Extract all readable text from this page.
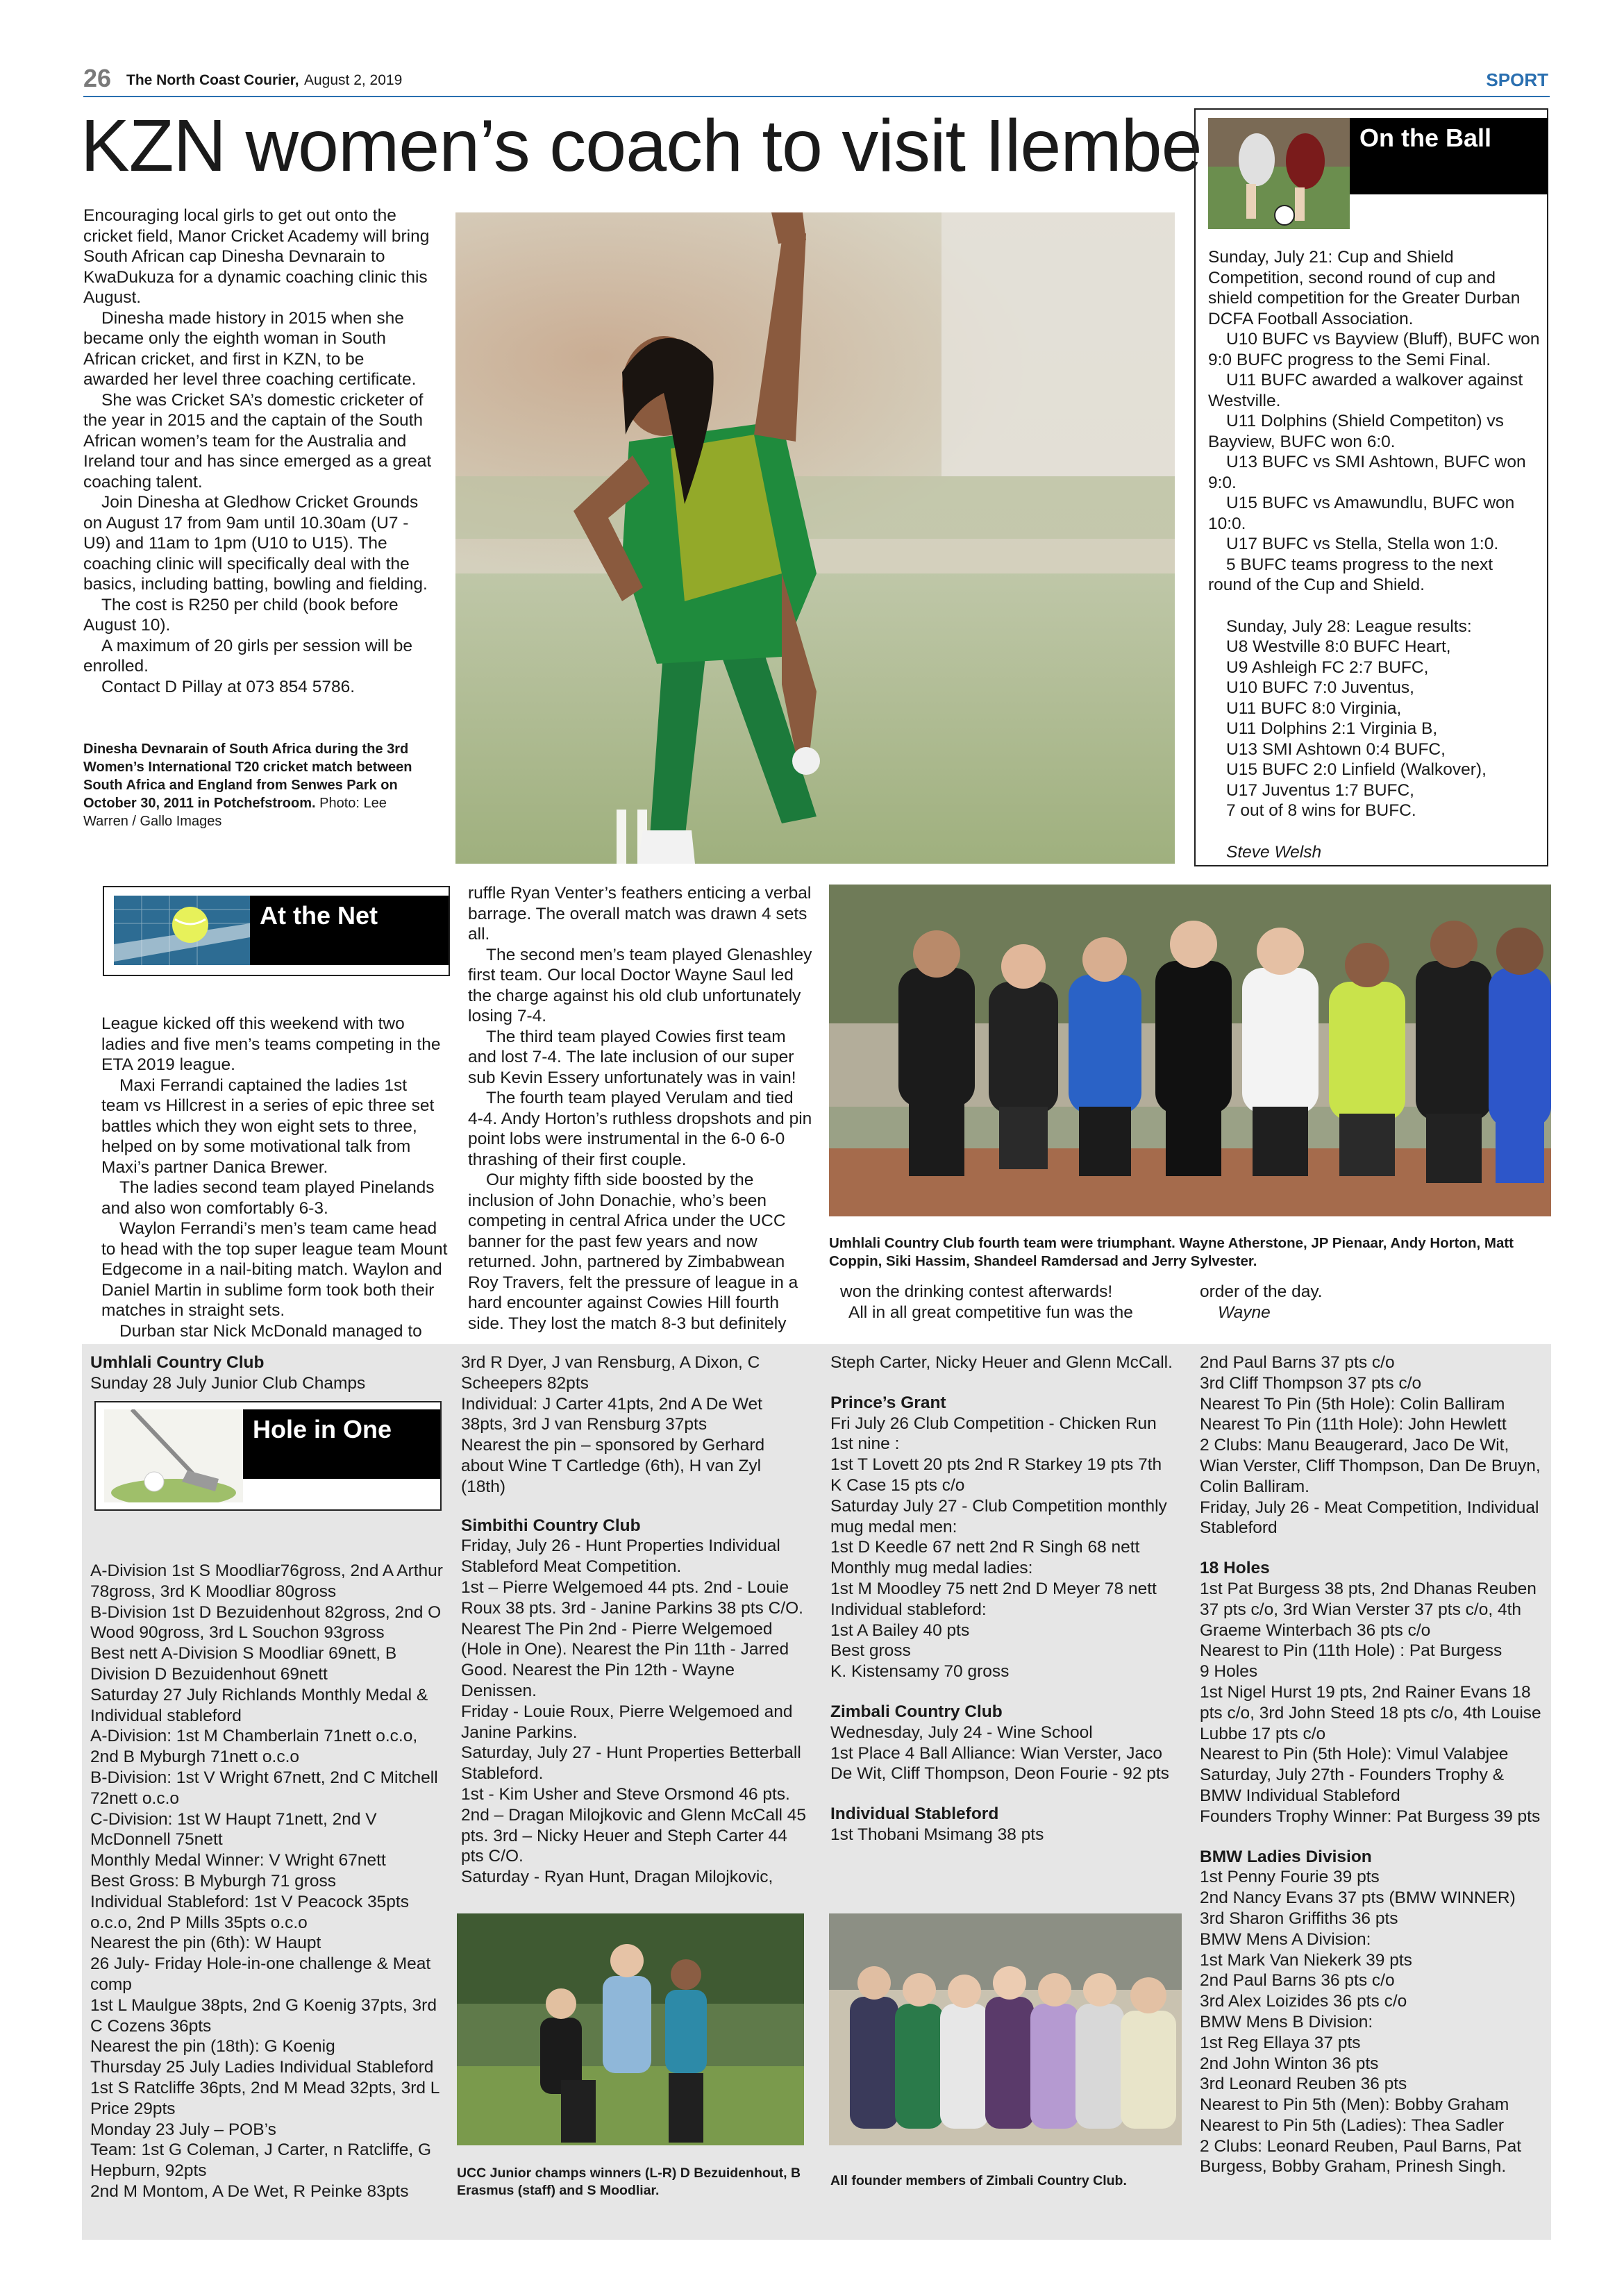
26 The North Coast Courier, August 2, 2019	SPORT
KZN women’s coach to visit Ilembe

Encouraging local girls to get out onto the cricket field, Manor Cricket Academy will bring South African cap Dinesha Devnarain to KwaDukuza for a dynamic coaching clinic this August.

Dinesha made history in 2015 when she became only the eighth woman in South African cricket, and first in KZN, to be awarded her level three coaching certificate.

She was Cricket SA’s domestic cricketer of the year in 2015 and the captain of the South African women’s team for the Australia and Ireland tour and has since emerged as a great coaching talent.

Join Dinesha at Gledhow Cricket Grounds on August 17 from 9am until 10.30am (U7 - U9) and 11am to 1pm (U10 to U15). The coaching clinic will specifically deal with the basics, including batting, bowling and fielding.

The cost is R250 per child (book before August 10).

A maximum of 20 girls per session will be enrolled.

Contact D Pillay at 073 854 5786.

Dinesha Devnarain of South Africa during the 3rd Women’s International T20 cricket match between South Africa and England from Senwes Park on October 30, 2011 in Potchefstroom. Photo: Lee Warren / Gallo Images
On the Ball

Sunday, July 21: Cup and Shield Competition, second round of cup and shield competition for the Greater Durban DCFA Football Association.

U10 BUFC vs Bayview (Bluff), BUFC won 9:0 BUFC progress to the Semi Final.

U11 BUFC awarded a walkover against Westville.

U11 Dolphins (Shield Competiton) vs Bayview, BUFC won 6:0.

U13 BUFC vs SMI Ashtown, BUFC won 9:0.

U15 BUFC vs Amawundlu, BUFC won 10:0.

U17 BUFC vs Stella, Stella won 1:0.

5 BUFC teams progress to the next round of the Cup and Shield.

Sunday, July 28: League results:
U8 Westville 8:0 BUFC Heart,
U9 Ashleigh FC 2:7 BUFC,
U10 BUFC 7:0 Juventus,
U11 BUFC 8:0 Virginia,
U11 Dolphins 2:1 Virginia B,
U13 SMI Ashtown 0:4 BUFC,
U15 BUFC 2:0 Linfield (Walkover),
U17 Juventus 1:7 BUFC,
7 out of 8 wins for BUFC.
Steve Welsh
At the Net

League kicked off this weekend with two ladies and five men’s teams competing in the ETA 2019 league.

Maxi Ferrandi captained the ladies 1st team vs Hillcrest in a series of epic three set battles which they won eight sets to three, helped on by some motivational talk from Maxi’s partner Danica Brewer.

The ladies second team played Pinelands and also won comfortably 6-3.

Waylon Ferrandi’s men’s team came head to head with the top super league team Mount Edgecome in a nail-biting match. Waylon and Daniel Martin in sublime form took both their matches in straight sets.

Durban star Nick McDonald managed to

ruffle Ryan Venter’s feathers enticing a verbal barrage. The overall match was drawn 4 sets all.

The second men’s team played Glenashley first team. Our local Doctor Wayne Saul led the charge against his old club unfortunately losing 7-4.

The third team played Cowies first team and lost 7-4. The late inclusion of our super sub Kevin Essery unfortunately was in vain!

The fourth team played Verulam and tied 4-4. Andy Horton’s ruthless dropshots and pin point lobs were instrumental in the 6-0 6-0 thrashing of their first couple.

Our mighty fifth side boosted by the inclusion of John Donachie, who’s been competing in central Africa under the UCC banner for the past few years and now returned. John, partnered by Zimbabwean Roy Travers, felt the pressure of league in a hard encounter against Cowies Hill fourth side. They lost the match 8-3 but definitely

Umhlali Country Club fourth team were triumphant. Wayne Atherstone, JP Pienaar, Andy Horton, Matt Coppin, Siki Hassim, Shandeel Ramdersad and Jerry Sylvester.

won the drinking contest afterwards!

All in all great competitive fun was the

order of the day.

Wayne

Umhlali Country Club
Sunday 28 July Junior Club Champs
Hole in One
A-Division 1st S Moodliar76gross, 2nd A Arthur 78gross, 3rd K Moodliar 80gross
B-Division 1st D Bezuidenhout 82gross, 2nd O Wood 90gross, 3rd L Souchon 93gross
Best nett A-Division S Moodliar 69nett, B Division D Bezuidenhout 69nett
Saturday 27 July Richlands Monthly Medal & Individual stableford
A-Division: 1st M Chamberlain 71nett o.c.o, 2nd B Myburgh 71nett o.c.o
B-Division: 1st V Wright 67nett, 2nd C Mitchell 72nett o.c.o
C-Division: 1st W Haupt 71nett, 2nd V McDonnell 75nett
Monthly Medal Winner: V Wright 67nett
Best Gross: B Myburgh 71 gross
Individual Stableford: 1st V Peacock 35pts o.c.o, 2nd P Mills 35pts o.c.o
Nearest the pin (6th): W Haupt
26 July- Friday Hole-in-one challenge & Meat comp
1st L Maulgue 38pts, 2nd G Koenig 37pts, 3rd C Cozens 36pts
Nearest the pin (18th): G Koenig
Thursday 25 July Ladies Individual Stableford
1st S Ratcliffe 36pts, 2nd M Mead 32pts, 3rd L Price 29pts
Monday 23 July – POB’s
Team: 1st G Coleman, J Carter, n Ratcliffe, G Hepburn, 92pts
2nd M Montom, A De Wet, R Peinke 83pts
3rd R Dyer, J van Rensburg, A Dixon, C Scheepers 82pts
Individual: J Carter 41pts, 2nd A De Wet 38pts, 3rd J van Rensburg 37pts
Nearest the pin – sponsored by Gerhard about Wine T Cartledge (6th), H van Zyl (18th)
Simbithi Country Club
Friday, July 26 - Hunt Properties Individual Stableford Meat Competition.
1st – Pierre Welgemoed 44 pts. 2nd - Louie Roux 38 pts. 3rd - Janine Parkins 38 pts C/O. Nearest The Pin 2nd - Pierre Welgemoed (Hole in One). Nearest the Pin 11th - Jarred Good. Nearest the Pin 12th - Wayne Denissen.
Friday - Louie Roux, Pierre Welgemoed and Janine Parkins.
Saturday, July 27 - Hunt Properties Betterball Stableford.
1st - Kim Usher and Steve Orsmond 46 pts. 2nd – Dragan Milojkovic and Glenn McCall 45 pts. 3rd – Nicky Heuer and Steph Carter 44 pts C/O.
Saturday - Ryan Hunt, Dragan Milojkovic,
Steph Carter, Nicky Heuer and Glenn McCall.
Prince’s Grant
Fri July 26 Club Competition - Chicken Run
1st nine :
1st T Lovett 20 pts 2nd R Starkey 19 pts 7th K Case 15 pts c/o
Saturday July 27 - Club Competition monthly mug medal men:
1st D Keedle 67 nett 2nd R Singh 68 nett
Monthly mug medal ladies:
1st M Moodley 75 nett 2nd D Meyer 78 nett
Individual stableford:
1st A Bailey 40 pts
Best gross
K. Kistensamy 70 gross
Zimbali Country Club
Wednesday, July 24 - Wine School
1st Place 4 Ball Alliance: Wian Verster, Jaco De Wit, Cliff Thompson, Deon Fourie - 92 pts
Individual Stableford
1st Thobani Msimang 38 pts
2nd Paul Barns 37 pts c/o
3rd Cliff Thompson 37 pts c/o
Nearest To Pin (5th Hole): Colin Balliram
Nearest To Pin (11th Hole): John Hewlett
2 Clubs: Manu Beaugerard, Jaco De Wit, Wian Verster, Cliff Thompson, Dan De Bruyn, Colin Balliram.
Friday, July 26 - Meat Competition, Individual Stableford
18 Holes
1st Pat Burgess 38 pts, 2nd Dhanas Reuben 37 pts c/o, 3rd Wian Verster 37 pts c/o, 4th Graeme Winterbach 36 pts c/o
Nearest to Pin (11th Hole) : Pat Burgess
9 Holes
1st Nigel Hurst 19 pts, 2nd Rainer Evans 18 pts c/o, 3rd John Steed 18 pts c/o, 4th Louise Lubbe 17 pts c/o
Nearest to Pin (5th Hole): Vimul Valabjee
Saturday, July 27th - Founders Trophy & BMW Individual Stableford
Founders Trophy Winner: Pat Burgess 39 pts
BMW Ladies Division
1st Penny Fourie 39 pts
2nd Nancy Evans 37 pts (BMW WINNER)
3rd Sharon Griffiths 36 pts
BMW Mens A Division:
1st Mark Van Niekerk 39 pts
2nd Paul Barns 36 pts c/o
3rd Alex Loizides 36 pts c/o
BMW Mens B Division:
1st Reg Ellaya 37 pts
2nd John Winton 36 pts
3rd Leonard Reuben 36 pts
Nearest to Pin 5th (Men): Bobby Graham
Nearest to Pin 5th (Ladies): Thea Sadler
2 Clubs: Leonard Reuben, Paul Barns, Pat Burgess, Bobby Graham, Prinesh Singh.
UCC Junior champs winners (L-R) D Bezuidenhout, B Erasmus (staff) and S Moodliar.
All founder members of Zimbali Country Club.
